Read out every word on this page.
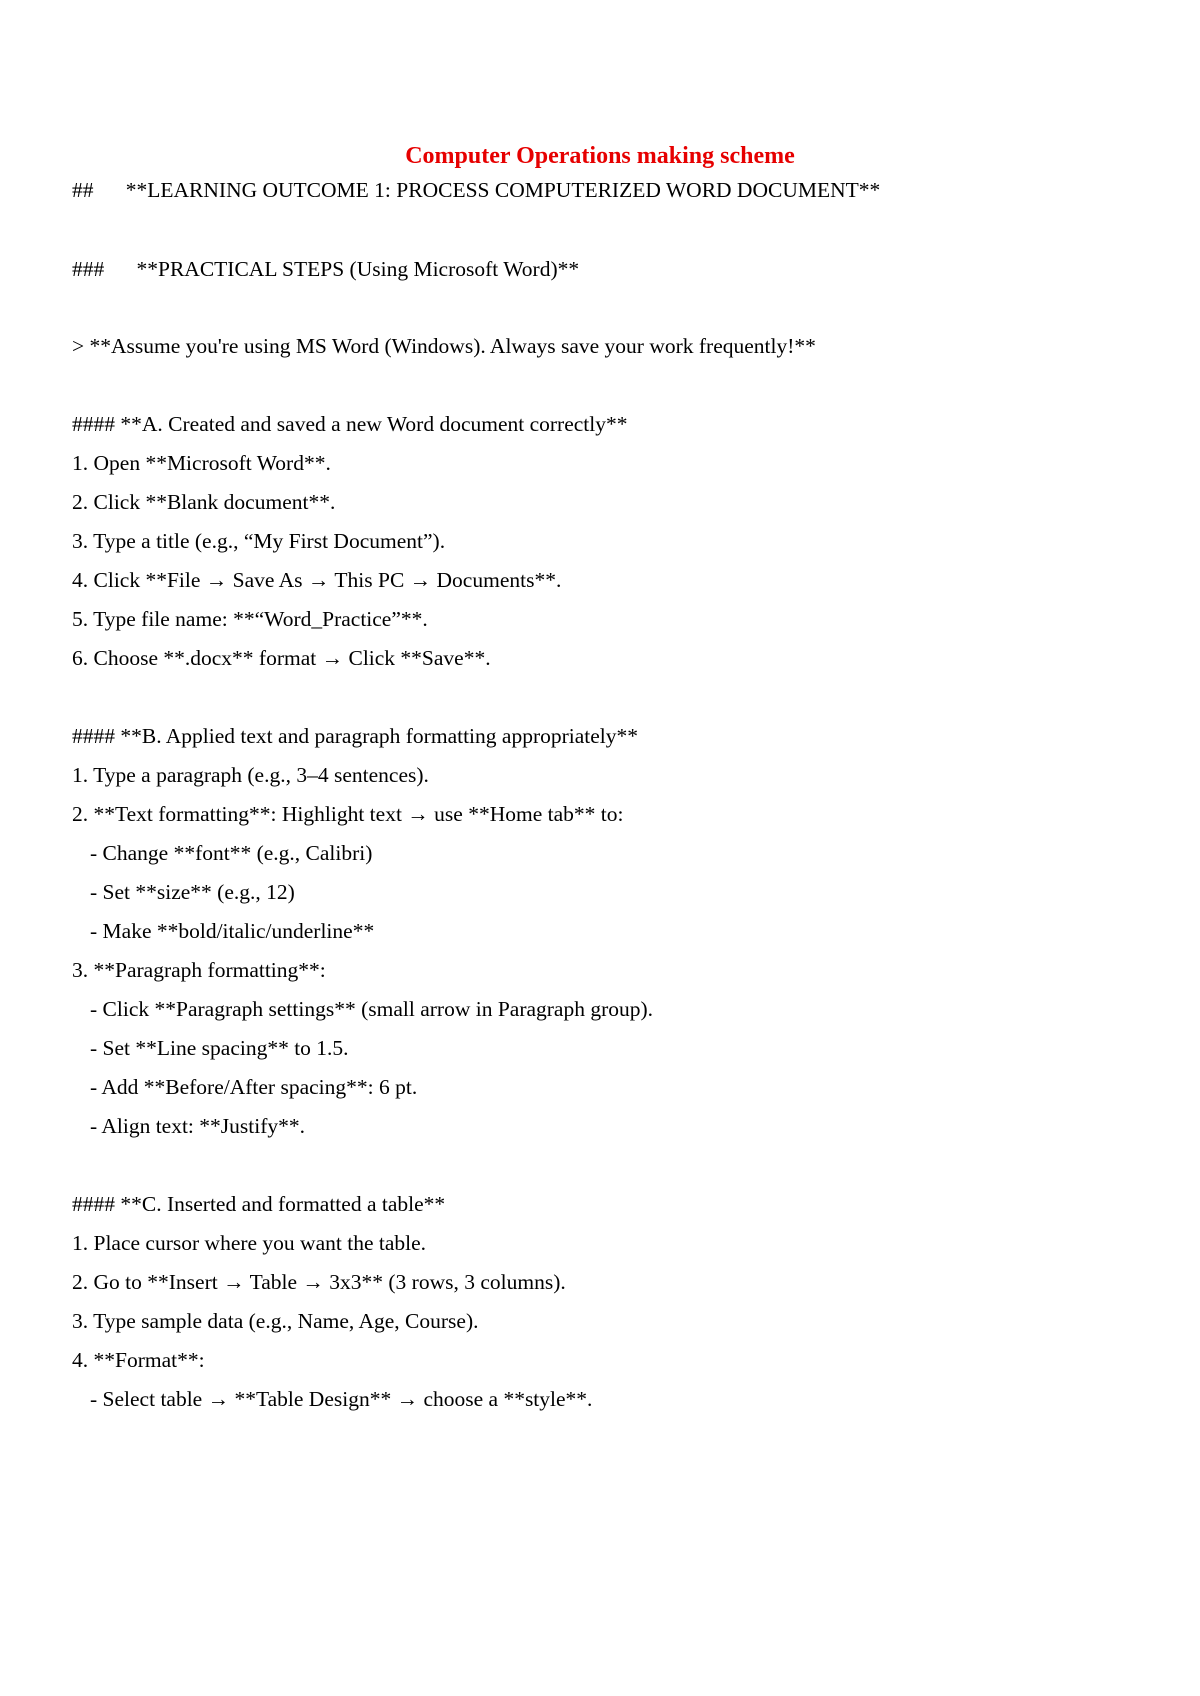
Computer Operations making scheme
##      **LEARNING OUTCOME 1: PROCESS COMPUTERIZED WORD DOCUMENT**
###      **PRACTICAL STEPS (Using Microsoft Word)**
> **Assume you're using MS Word (Windows). Always save your work frequently!**
#### **A. Created and saved a new Word document correctly**
1. Open **Microsoft Word**.
2. Click **Blank document**.
3. Type a title (e.g., “My First Document”).
4. Click **File → Save As → This PC → Documents**.
5. Type file name: **“Word_Practice”**.
6. Choose **.docx** format → Click **Save**.
#### **B. Applied text and paragraph formatting appropriately**
1. Type a paragraph (e.g., 3–4 sentences).
2. **Text formatting**: Highlight text → use **Home tab** to:
- Change **font** (e.g., Calibri)
- Set **size** (e.g., 12)
- Make **bold/italic/underline**
3. **Paragraph formatting**:
- Click **Paragraph settings** (small arrow in Paragraph group).
- Set **Line spacing** to 1.5.
- Add **Before/After spacing**: 6 pt.
- Align text: **Justify**.
#### **C. Inserted and formatted a table**
1. Place cursor where you want the table.
2. Go to **Insert → Table → 3x3** (3 rows, 3 columns).
3. Type sample data (e.g., Name, Age, Course).
4. **Format**:
- Select table → **Table Design** → choose a **style**.
